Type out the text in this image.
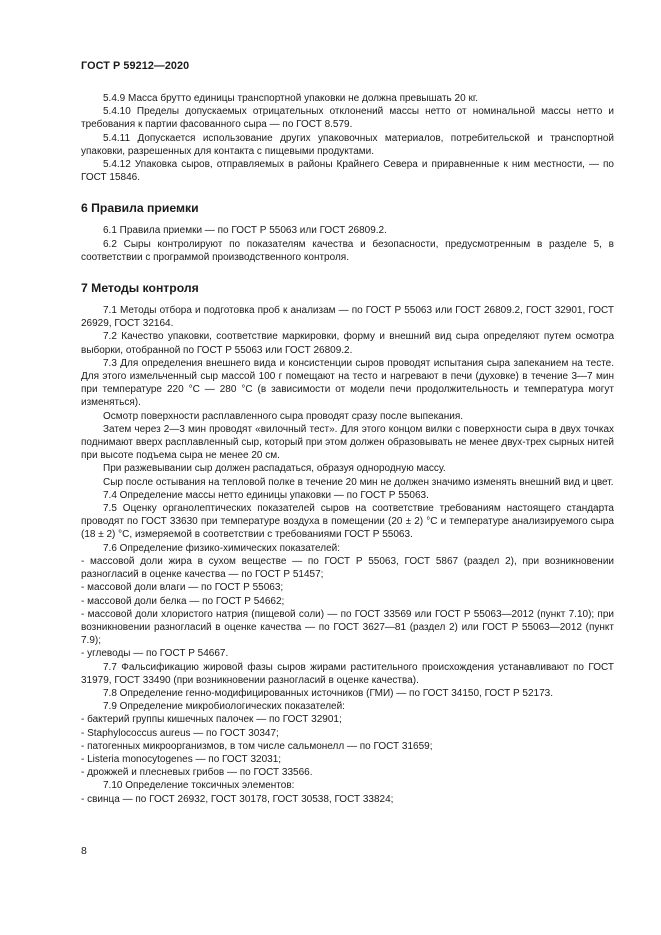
ГОСТ Р 59212—2020

5.4.9 Масса брутто единицы транспортной упаковки не должна превышать 20 кг.

5.4.10 Пределы допускаемых отрицательных отклонений массы нетто от номинальной массы нетто и требования к партии фасованного сыра — по ГОСТ 8.579.

5.4.11 Допускается использование других упаковочных материалов, потребительской и транспортной упаковки, разрешенных для контакта с пищевыми продуктами.

5.4.12 Упаковка сыров, отправляемых в районы Крайнего Севера и приравненные к ним местности, — по ГОСТ 15846.

6 Правила приемки

6.1 Правила приемки — по ГОСТ Р 55063 или ГОСТ 26809.2.

6.2 Сыры контролируют по показателям качества и безопасности, предусмотренным в разделе 5, в соответствии с программой производственного контроля.

7 Методы контроля

7.1 Методы отбора и подготовка проб к анализам — по ГОСТ Р 55063 или ГОСТ 26809.2, ГОСТ 32901, ГОСТ 26929, ГОСТ 32164.

7.2 Качество упаковки, соответствие маркировки, форму и внешний вид сыра определяют путем осмотра выборки, отобранной по ГОСТ Р 55063 или ГОСТ 26809.2.

7.3 Для определения внешнего вида и консистенции сыров проводят испытания сыра запеканием на тесте. Для этого измельченный сыр массой 100 г помещают на тесто и нагревают в печи (духовке) в течение 3—7 мин при температуре 220 °С — 280 °С (в зависимости от модели печи продолжительность и температура могут изменяться).

Осмотр поверхности расплавленного сыра проводят сразу после выпекания.

Затем через 2—3 мин проводят «вилочный тест». Для этого концом вилки с поверхности сыра в двух точках поднимают вверх расплавленный сыр, который при этом должен образовывать не менее двух-трех сырных нитей при высоте подъема сыра не менее 20 см.

При разжевывании сыр должен распадаться, образуя однородную массу.

Сыр после остывания на тепловой полке в течение 20 мин не должен значимо изменять внешний вид и цвет.

7.4 Определение массы нетто единицы упаковки — по ГОСТ Р 55063.

7.5 Оценку органолептических показателей сыров на соответствие требованиям настоящего стандарта проводят по ГОСТ 33630 при температуре воздуха в помещении (20 ± 2) °С и температуре анализируемого сыра (18 ± 2) °С, измеряемой в соответствии с требованиями ГОСТ Р 55063.

7.6 Определение физико-химических показателей:

- массовой доли жира в сухом веществе — по ГОСТ Р 55063, ГОСТ 5867 (раздел 2), при возникновении разногласий в оценке качества — по ГОСТ Р 51457;

- массовой доли влаги — по ГОСТ Р 55063;

- массовой доли белка — по ГОСТ Р 54662;

- массовой доли хлористого натрия (пищевой соли) — по ГОСТ 33569 или ГОСТ Р 55063—2012 (пункт 7.10); при возникновении разногласий в оценке качества — по ГОСТ 3627—81 (раздел 2) или ГОСТ Р 55063—2012 (пункт 7.9);

- углеводы — по ГОСТ Р 54667.

7.7 Фальсификацию жировой фазы сыров жирами растительного происхождения устанавливают по ГОСТ 31979, ГОСТ 33490 (при возникновении разногласий в оценке качества).

7.8 Определение генно-модифицированных источников (ГМИ) — по ГОСТ 34150, ГОСТ Р 52173.

7.9 Определение микробиологических показателей:

- бактерий группы кишечных палочек — по ГОСТ 32901;

- Staphylococcus aureus — по ГОСТ 30347;

- патогенных микроорганизмов, в том числе сальмонелл — по ГОСТ 31659;

- Listeria monocytogenes — по ГОСТ 32031;

- дрожжей и плесневых грибов — по ГОСТ 33566.

7.10 Определение токсичных элементов:

- свинца — по ГОСТ 26932, ГОСТ 30178, ГОСТ 30538, ГОСТ 33824;

8
